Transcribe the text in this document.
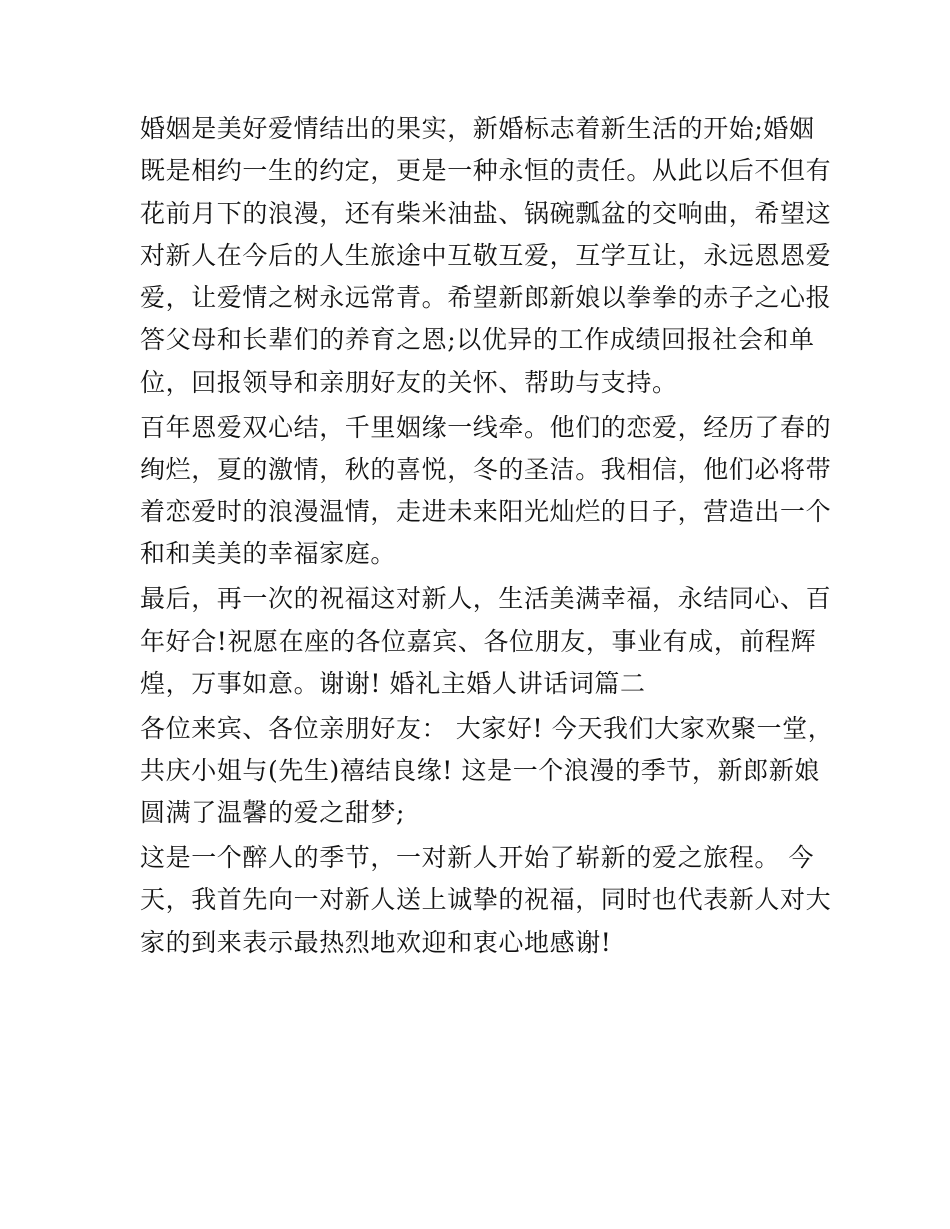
婚姻是美好爱情结出的果实，新婚标志着新生活的开始;婚姻
既是相约一生的约定，更是一种永恒的责任。从此以后不但有
花前月下的浪漫，还有柴米油盐、锅碗瓢盆的交响曲，希望这
对新人在今后的人生旅途中互敬互爱，互学互让，永远恩恩爱
爱，让爱情之树永远常青。希望新郎新娘以拳拳的赤子之心报
答父母和长辈们的养育之恩;以优异的工作成绩回报社会和单
位，回报领导和亲朋好友的关怀、帮助与支持。
百年恩爱双心结，千里姻缘一线牵。他们的恋爱，经历了春的
绚烂，夏的激情，秋的喜悦，冬的圣洁。我相信，他们必将带
着恋爱时的浪漫温情，走进未来阳光灿烂的日子，营造出一个
和和美美的幸福家庭。
最后，再一次的祝福这对新人，生活美满幸福，永结同心、百
年好合!祝愿在座的各位嘉宾、各位朋友，事业有成，前程辉
煌，万事如意。谢谢! 婚礼主婚人讲话词篇二
各位来宾、各位亲朋好友： 大家好! 今天我们大家欢聚一堂，
共庆小姐与(先生)禧结良缘! 这是一个浪漫的季节，新郎新娘
圆满了温馨的爱之甜梦;
这是一个醉人的季节，一对新人开始了崭新的爱之旅程。 今
天，我首先向一对新人送上诚挚的祝福，同时也代表新人对大
家的到来表示最热烈地欢迎和衷心地感谢!
